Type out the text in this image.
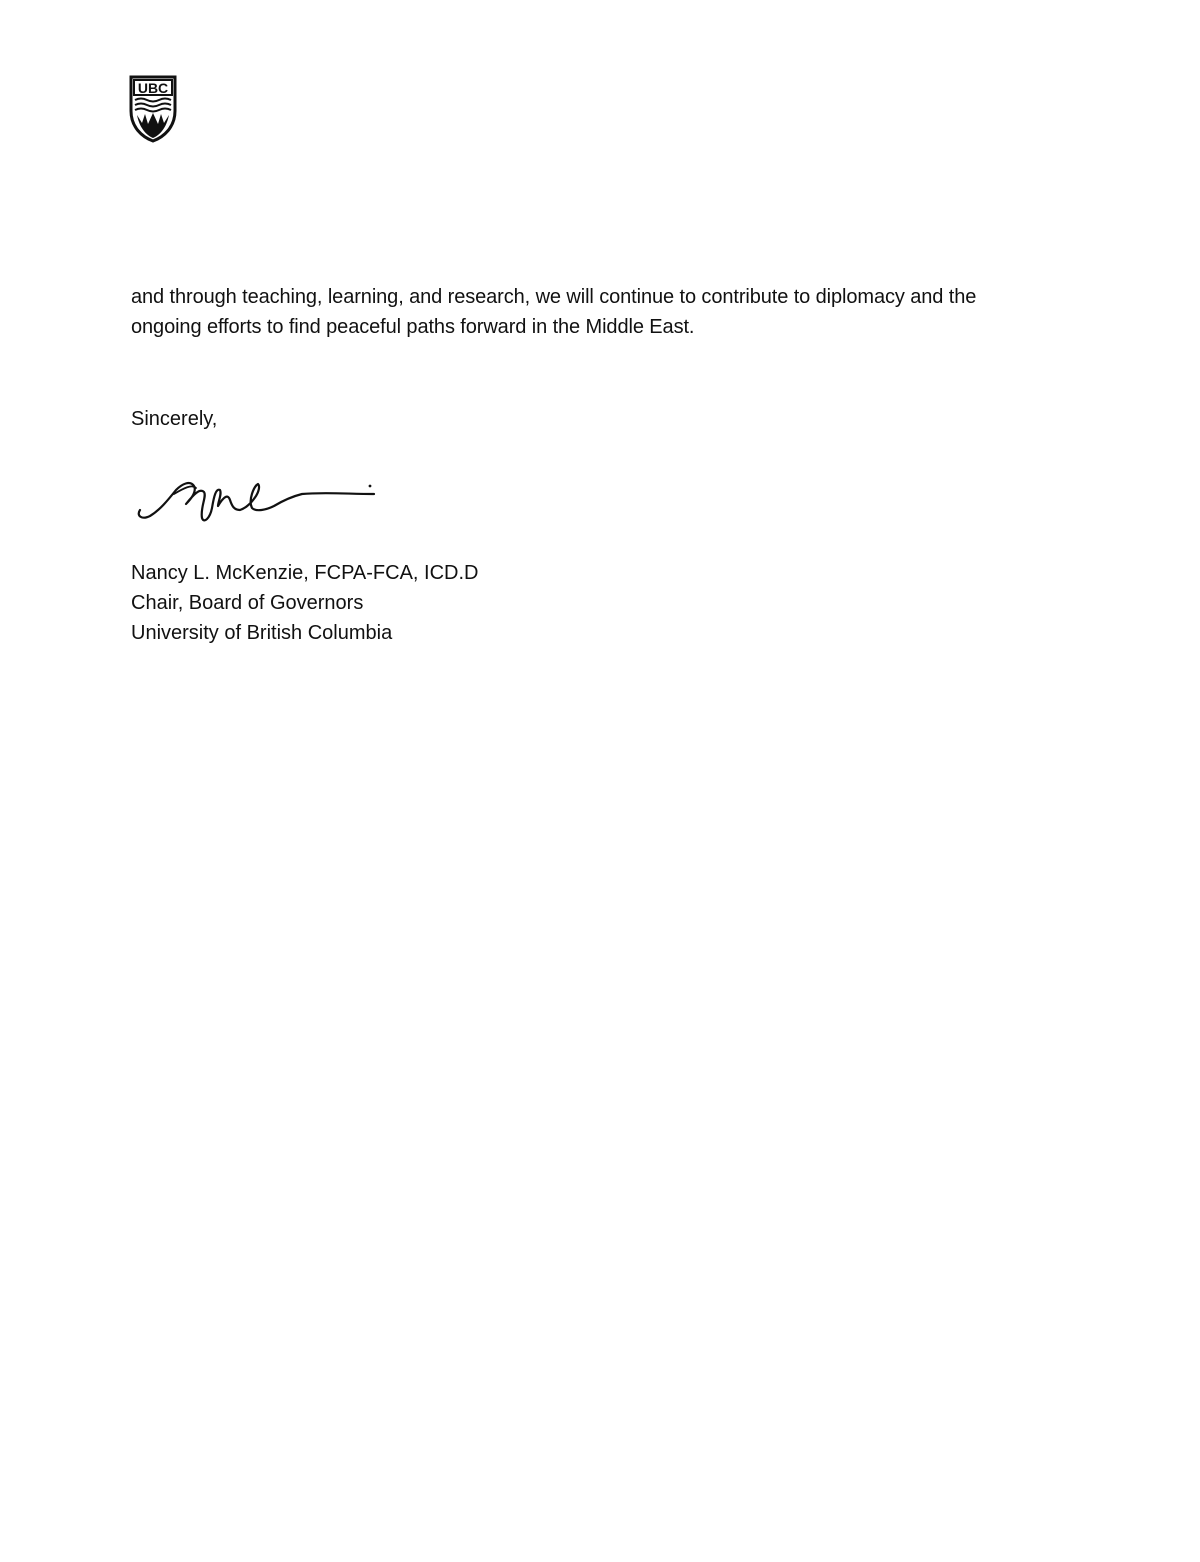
UBC

and through teaching, learning, and research, we will continue to contribute to diplomacy and the
ongoing efforts to find peaceful paths forward in the Middle East.

Sincerely,

Nancy L. McKenzie, FCPA-FCA, ICD.D
Chair, Board of Governors
University of British Columbia
